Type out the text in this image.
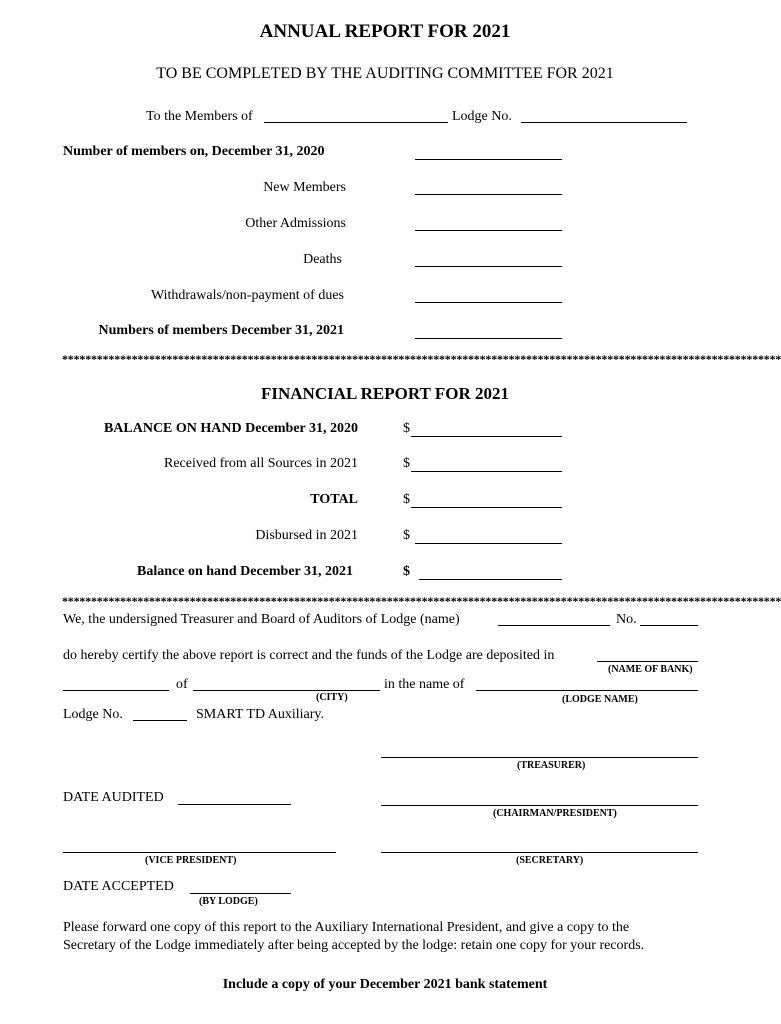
ANNUAL REPORT FOR 2021
TO BE COMPLETED BY THE AUDITING COMMITTEE FOR 2021
To the Members of	Lodge No.
Number of members on, December 31, 2020
New Members
Other Admissions
Deaths
Withdrawals/non-payment of dues
Numbers of members December 31, 2021
****************************************************************************************************************************
FINANCIAL REPORT FOR 2021
BALANCE ON HAND December 31, 2020	$
Received from all Sources in 2021	$
TOTAL	$
Disbursed in 2021	$
Balance on hand December 31, 2021	$
****************************************************************************************************************************
We, the undersigned Treasurer and Board of Auditors of Lodge (name)	No.
do hereby certify the above report is correct and the funds of the Lodge are deposited in
(NAME OF BANK)
of
(CITY)
in the name of
(LODGE NAME)
Lodge No.	SMART TD Auxiliary.
(TREASURER)
DATE AUDITED
(CHAIRMAN/PRESIDENT)
(VICE PRESIDENT)	(SECRETARY)
DATE ACCEPTED
(BY LODGE)
Please forward one copy of this report to the Auxiliary International President, and give a copy to the
Secretary of the Lodge immediately after being accepted by the lodge: retain one copy for your records.
Include a copy of your December 2021 bank statement
